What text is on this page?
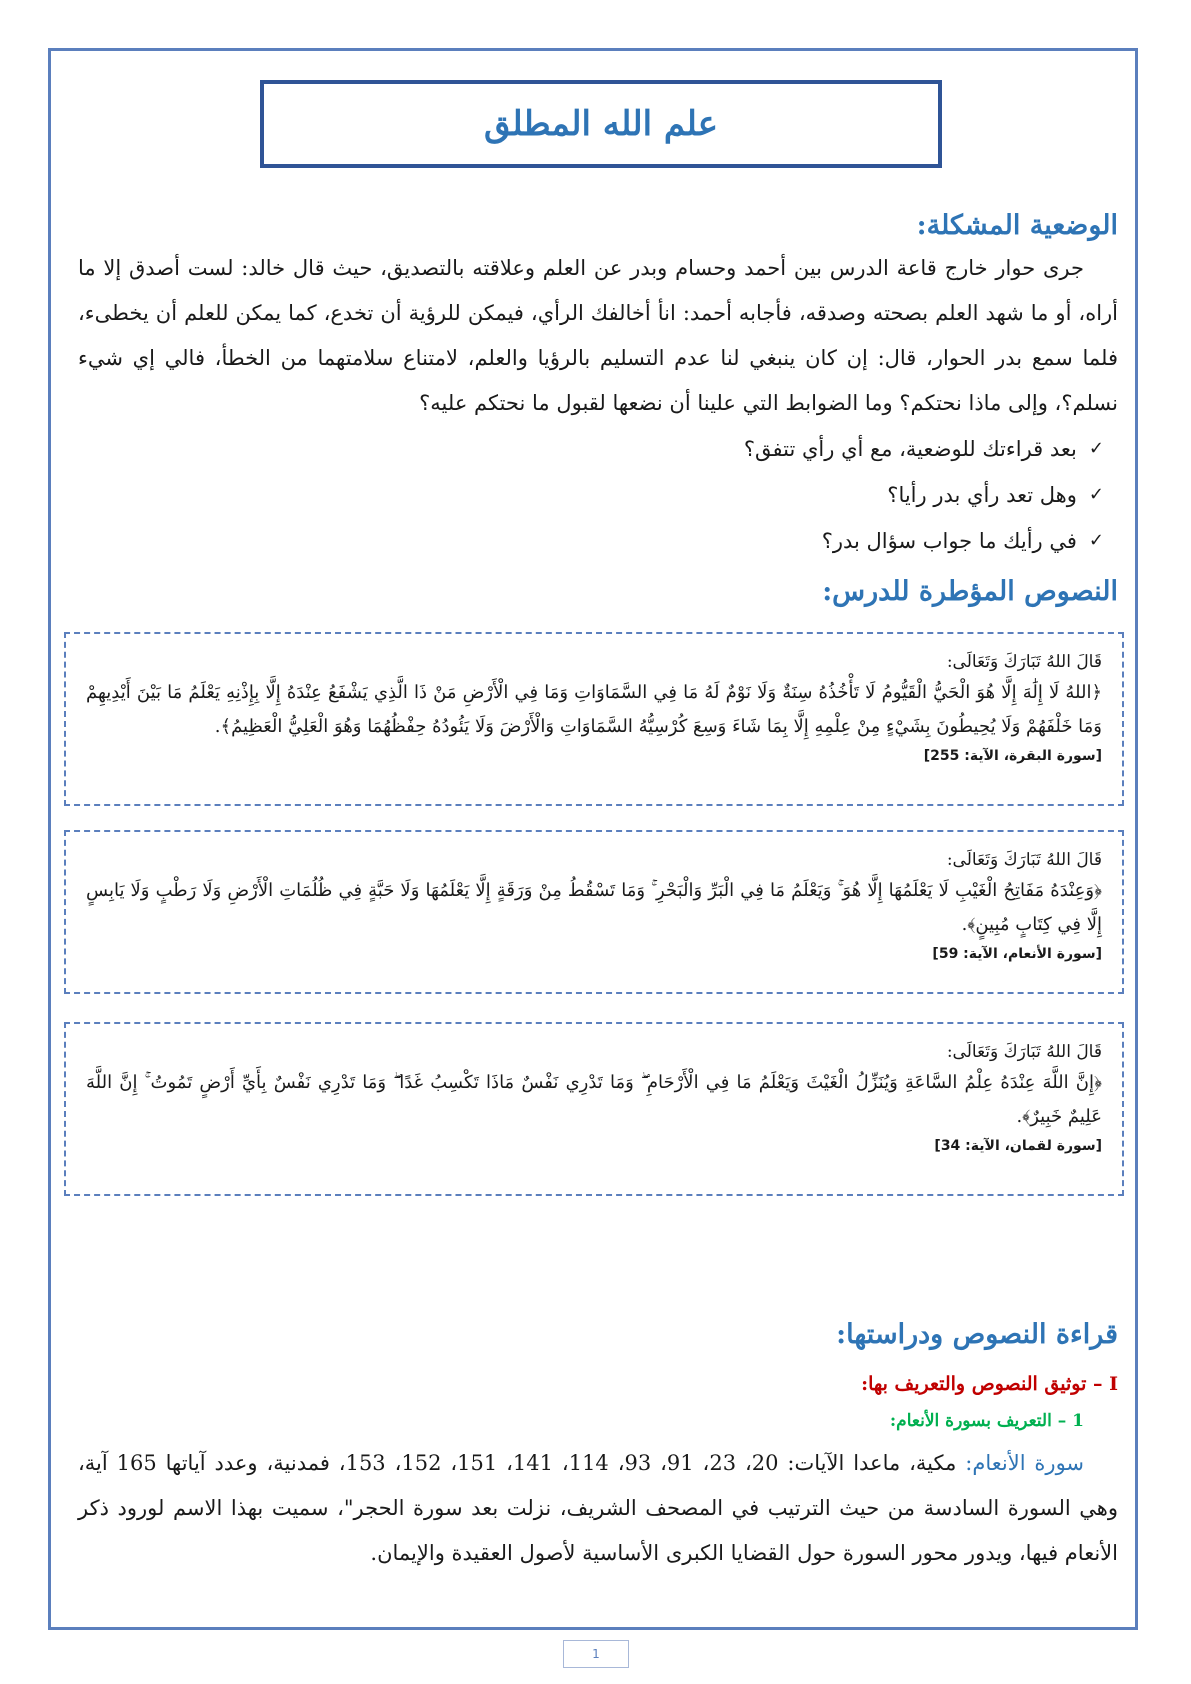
علم الله المطلق
الوضعية المشكلة:

جرى حوار خارج قاعة الدرس بين أحمد وحسام وبدر عن العلم وعلاقته بالتصديق، حيث قال خالد: لست أصدق إلا ما أراه، أو ما شهد العلم بصحته وصدقه، فأجابه أحمد: انأ أخالفك الرأي، فيمكن للرؤية أن تخدع، كما يمكن للعلم أن يخطىء، فلما سمع بدر الحوار، قال: إن كان ينبغي لنا عدم التسليم بالرؤيا والعلم، لامتناع سلامتهما من الخطأ، فالي إي شيء نسلم؟، وإلى ماذا نحتكم؟ وما الضوابط التي علينا أن نضعها لقبول ما نحتكم عليه؟

✓
بعد قراءتك للوضعية، مع أي رأي تتفق؟
✓
وهل تعد رأي بدر رأيا؟
✓
في رأيك ما جواب سؤال بدر؟
النصوص المؤطرة للدرس:

قَالَ اللهُ تَبَارَكَ وَتَعَالَى:

﴿اللهُ لَا إِلَٰهَ إِلَّا هُوَ الْحَيُّ الْقَيُّومُ لَا تَأْخُذُهُ سِنَةٌ وَلَا نَوْمٌ لَهُ مَا فِي السَّمَاوَاتِ وَمَا فِي الْأَرْضِ مَنْ ذَا الَّذِي يَشْفَعُ عِنْدَهُ إِلَّا بِإِذْنِهِ يَعْلَمُ مَا بَيْنَ أَيْدِيهِمْ وَمَا خَلْفَهُمْ وَلَا يُحِيطُونَ بِشَيْءٍ مِنْ عِلْمِهِ إِلَّا بِمَا شَاءَ وَسِعَ كُرْسِيُّهُ السَّمَاوَاتِ وَالْأَرْضَ وَلَا يَئُودُهُ حِفْظُهُمَا وَهُوَ الْعَلِيُّ الْعَظِيمُ﴾.

[سورة البقرة، الآية: 255]

قَالَ اللهُ تَبَارَكَ وَتَعَالَى:

﴿وَعِنْدَهُ مَفَاتِحُ الْغَيْبِ لَا يَعْلَمُهَا إِلَّا هُوَ ۚ وَيَعْلَمُ مَا فِي الْبَرِّ وَالْبَحْرِ ۚ وَمَا تَسْقُطُ مِنْ وَرَقَةٍ إِلَّا يَعْلَمُهَا وَلَا حَبَّةٍ فِي ظُلُمَاتِ الْأَرْضِ وَلَا رَطْبٍ وَلَا يَابِسٍ إِلَّا فِي كِتَابٍ مُبِينٍ﴾.

[سورة الأنعام، الآية: 59]

قَالَ اللهُ تَبَارَكَ وَتَعَالَى:

﴿إِنَّ اللَّهَ عِنْدَهُ عِلْمُ السَّاعَةِ وَيُنَزِّلُ الْغَيْثَ وَيَعْلَمُ مَا فِي الْأَرْحَامِ ۖ وَمَا تَدْرِي نَفْسٌ مَاذَا تَكْسِبُ غَدًا ۖ وَمَا تَدْرِي نَفْسٌ بِأَيِّ أَرْضٍ تَمُوتُ ۚ إِنَّ اللَّهَ عَلِيمٌ خَبِيرٌ﴾.

[سورة لقمان، الآية: 34]

قراءة النصوص ودراستها:

I – توثيق النصوص والتعريف بها:

1 – التعريف بسورة الأنعام:

سورة الأنعام: مكية، ماعدا الآيات: 20، 23، 91، 93، 114، 141، 151، 152، 153، فمدنية، وعدد آياتها 165 آية، وهي السورة السادسة من حيث الترتيب في المصحف الشريف، نزلت بعد سورة الحجر"، سميت بهذا الاسم لورود ذكر الأنعام فيها، ويدور محور السورة حول القضايا الكبرى الأساسية لأصول العقيدة والإيمان.

1
